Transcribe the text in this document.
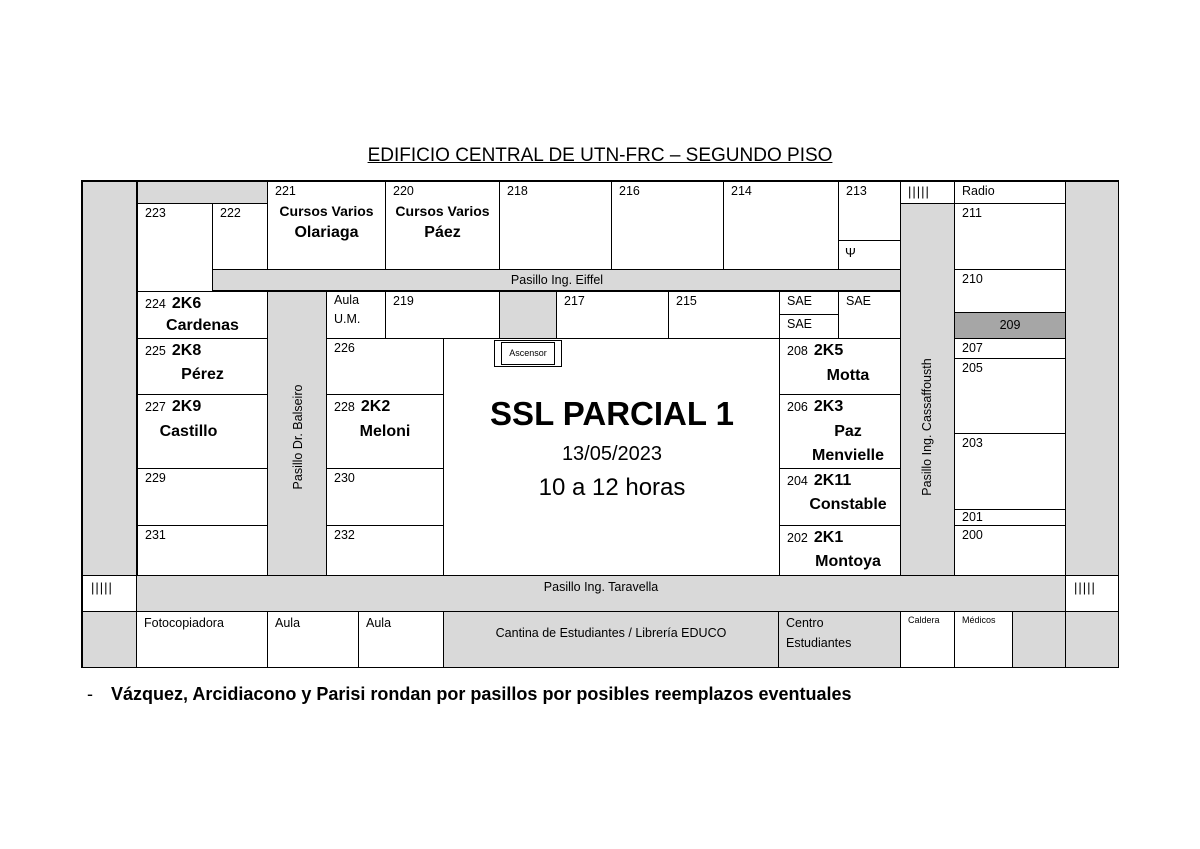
EDIFICIO CENTRAL DE UTN-FRC – SEGUNDO PISO
221
Cursos Varios
Olariaga
220
Cursos Varios
Páez
218	216	214	213
Ψ
|||||
223	222
Pasillo Ing. Eiffel
Radio
211
210
209
207
205
203
201
200
Pasillo Ing. Cassaffousth
224 2K6
Cardenas
Pasillo Dr. Balseiro
Aula
U.M.
219	217	215	SAE
SAE
SAE
225 2K8
Pérez
227 2K9
Castillo
229
231
226
228 2K2
Meloni
230
232
Ascensor
SSL PARCIAL 1
13/05/2023
10 a 12 horas
208 2K5
Motta
206 2K3
Paz
Menvielle
204 2K11
Constable
202 2K1
Montoya
|||||	Pasillo Ing. Taravella	|||||
Fotocopiadora	Aula	Aula
Cantina de Estudiantes / Librería EDUCO
Centro
Estudiantes
Caldera Médicos
- Vázquez, Arcidiacono y Parisi rondan por pasillos por posibles reemplazos eventuales
